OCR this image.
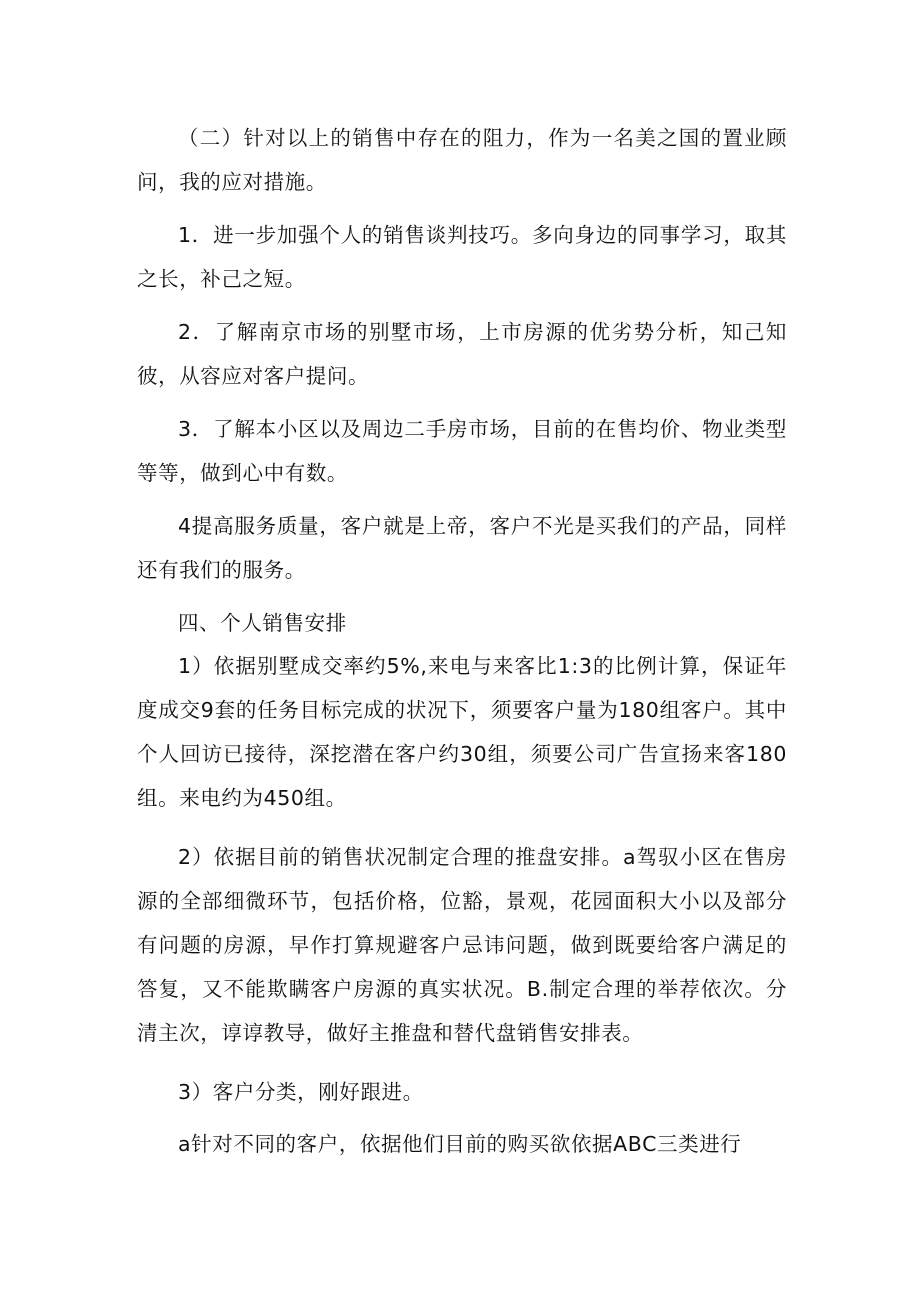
（二）针对以上的销售中存在的阻力，作为一名美之国的置业顾问，我的应对措施。

1．进一步加强个人的销售谈判技巧。多向身边的同事学习，取其之长，补己之短。

2．了解南京市场的别墅市场，上市房源的优劣势分析，知己知彼，从容应对客户提问。

3．了解本小区以及周边二手房市场，目前的在售均价、物业类型等等，做到心中有数。

4提高服务质量，客户就是上帝，客户不光是买我们的产品，同样还有我们的服务。

四、个人销售安排

1）依据别墅成交率约5%,来电与来客比1:3的比例计算，保证年度成交9套的任务目标完成的状况下，须要客户量为180组客户。其中个人回访已接待，深挖潜在客户约30组，须要公司广告宣扬来客180组。来电约为450组。

2）依据目前的销售状况制定合理的推盘安排。a驾驭小区在售房源的全部细微环节，包括价格，位豁，景观，花园面积大小以及部分有问题的房源，早作打算规避客户忌讳问题，做到既要给客户满足的答复，又不能欺瞒客户房源的真实状况。B.制定合理的举荐依次。分清主次，谆谆教导，做好主推盘和替代盘销售安排表。

3）客户分类，刚好跟进。

a针对不同的客户，依据他们目前的购买欲依据ABC三类进行
